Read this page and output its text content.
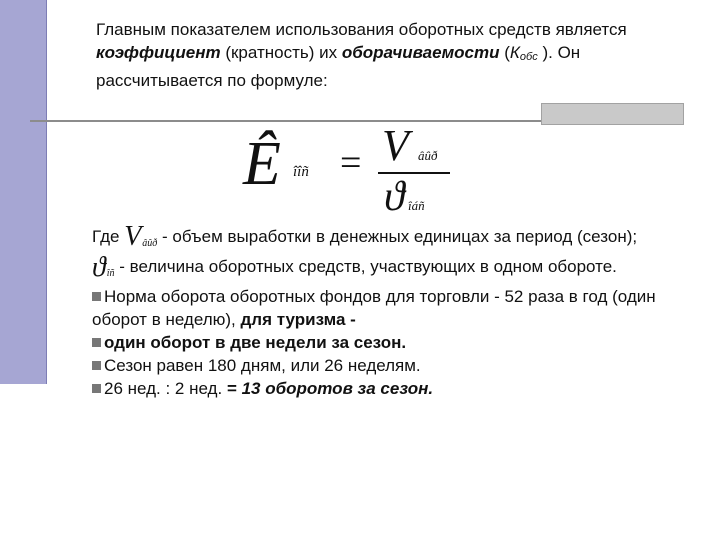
Главным показателем использования оборотных средств является коэффициент (кратность) их оборачиваемости (Кобс ). Он рассчитывается по формуле:
Ê îîñ = V âûð
ϑ îáñ
Где $V_{âûð}$ - объем выработки в денежных единицах за период (сезон);
$ϑ_{îñ}$ - величина оборотных средств, участвующих в одном обороте.
Норма оборота оборотных фондов для торговли - 52 раза в год (один оборот в неделю), для туризма -
один оборот в две недели за сезон.
Сезон равен 180 дням, или 26 неделям.
26 нед. : 2 нед. = 13 оборотов за сезон.
